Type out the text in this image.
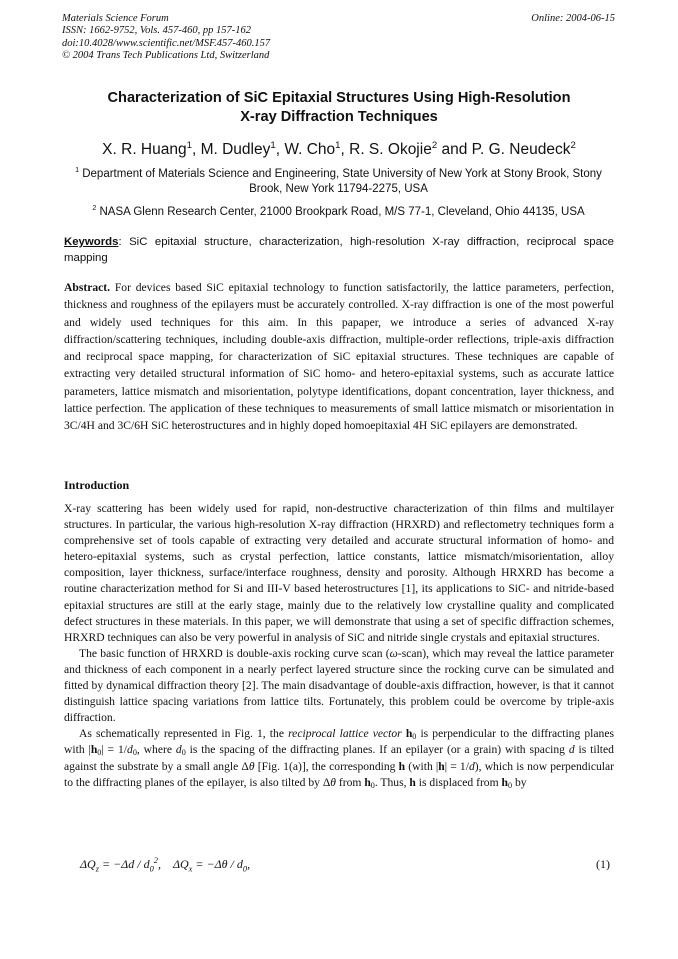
Materials Science Forum
ISSN: 1662-9752, Vols. 457-460, pp 157-162
doi:10.4028/www.scientific.net/MSF.457-460.157
© 2004 Trans Tech Publications Ltd, Switzerland
Online: 2004-06-15
Characterization of SiC Epitaxial Structures Using High-Resolution
X-ray Diffraction Techniques
X. R. Huang$^1$, M. Dudley$^1$, W. Cho$^1$, R. S. Okojie$^2$ and P. G. Neudeck$^2$
$^1$ Department of Materials Science and Engineering, State University of New York at Stony Brook, Stony Brook, New York 11794-2275, USA
$^2$ NASA Glenn Research Center, 21000 Brookpark Road, M/S 77-1, Cleveland, Ohio 44135, USA
Keywords: SiC epitaxial structure, characterization, high-resolution X-ray diffraction, reciprocal space mapping
Abstract. For devices based SiC epitaxial technology to function satisfactorily, the lattice parameters, perfection, thickness and roughness of the epilayers must be accurately controlled. X-ray diffraction is one of the most powerful and widely used techniques for this aim. In this papaper, we introduce a series of advanced X-ray diffraction/scattering techniques, including double-axis diffraction, multiple-order reflections, triple-axis diffraction and reciprocal space mapping, for characterization of SiC epitaxial structures. These techniques are capable of extracting very detailed structural information of SiC homo- and hetero-epitaxial systems, such as accurate lattice parameters, lattice mismatch and misorientation, polytype identifications, dopant concentration, layer thickness, and lattice perfection. The application of these techniques to measurements of small lattice mismatch or misorientation in 3C/4H and 3C/6H SiC heterostructures and in highly doped homoepitaxial 4H SiC epilayers are demonstrated.
Introduction

X-ray scattering has been widely used for rapid, non-destructive characterization of thin films and multilayer structures. In particular, the various high-resolution X-ray diffraction (HRXRD) and reflectometry techniques form a comprehensive set of tools capable of extracting very detailed and accurate structural information of homo- and hetero-epitaxial systems, such as crystal perfection, lattice constants, lattice mismatch/misorientation, alloy composition, layer thickness, surface/interface roughness, density and porosity. Although HRXRD has become a routine characterization method for Si and III-V based heterostructures [1], its applications to SiC- and nitride-based epitaxial structures are still at the early stage, mainly due to the relatively low crystalline quality and complicated defect structures in these materials. In this paper, we will demonstrate that using a set of specific diffraction schemes, HRXRD techniques can also be very powerful in analysis of SiC and nitride single crystals and epitaxial structures.

The basic function of HRXRD is double-axis rocking curve scan (ω-scan), which may reveal the lattice parameter and thickness of each component in a nearly perfect layered structure since the rocking curve can be simulated and fitted by dynamical diffraction theory [2]. The main disadvantage of double-axis diffraction, however, is that it cannot distinguish lattice spacing variations from lattice tilts. Fortunately, this problem could be overcome by triple-axis diffraction.

As schematically represented in Fig. 1, the reciprocal lattice vector $h_0$ is perpendicular to the diffracting planes with $|h_0| = 1/d_0$, where $d_0$ is the spacing of the diffracting planes. If an epilayer (or a grain) with spacing d is tilted against the substrate by a small angle Δθ [Fig. 1(a)], the corresponding h (with |h| = 1/d), which is now perpendicular to the diffracting planes of the epilayer, is also tilted by Δθ from $h_0$. Thus, h is displaced from $h_0$ by

$\Delta Q_z = -\Delta d / d_0^2$, $\Delta Q_x = -\Delta\theta / d_0$,	(1)
